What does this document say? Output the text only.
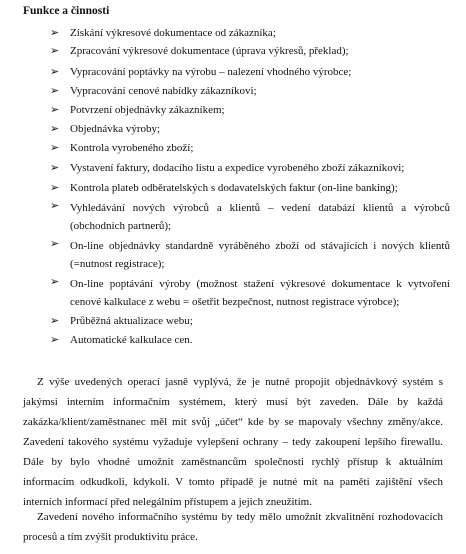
Funkce a činnosti
➢ Získání výkresové dokumentace od zákazníka;
➢ Zpracování výkresové dokumentace (úprava výkresů, překlad);
➢ Vypracování poptávky na výrobu – nalezení vhodného výrobce;
➢ Vypracování cenové nabídky zákazníkovi;
➢ Potvrzení objednávky zákazníkem;
➢ Objednávka výroby;
➢ Kontrola vyrobeného zboží;
➢ Vystavení faktury, dodacího listu a expedice vyrobeného zboží zákazníkovi;
➢ Kontrola plateb odběratelských s dodavatelských faktur (on-line banking);
➢ Vyhledávání nových výrobců a klientů – vedení databází klientů a výrobců (obchodních partnerů);
➢ On-line objednávky standardně vyráběného zboží od stávajících i nových klientů (=nutnost registrace);
➢ On-line poptávání výroby (možnost stažení výkresové dokumentace k vytvoření cenové kalkulace z webu = ošetřit bezpečnost, nutnost registrace výrobce);
➢ Průběžná aktualizace webu;
➢ Automatické kalkulace cen.

Z výše uvedených operací jasně vyplývá, že je nutné propojit objednávkový systém s jakýmsi interním informačním systémem, který musí být zaveden. Dále by každá zakázka/klient/zaměstnanec měl mít svůj „účet“ kde by se mapovaly všechny změny/akce. Zavedení takového systému vyžaduje vylepšení ochrany – tedy zakoupení lepšího firewallu. Dále by bylo vhodné umožnit zaměstnancům společnosti rychlý přístup k aktuálním informacím odkudkoli, kdykoli. V tomto případě je nutné mít na paměti zajištění všech interních informací před nelegálním přístupem a jejich zneužitím.

Zavedení nového informačního systému by tedy mělo umožnit zkvalitnění rozhodovacích procesů a tím zvýšit produktivitu práce.
